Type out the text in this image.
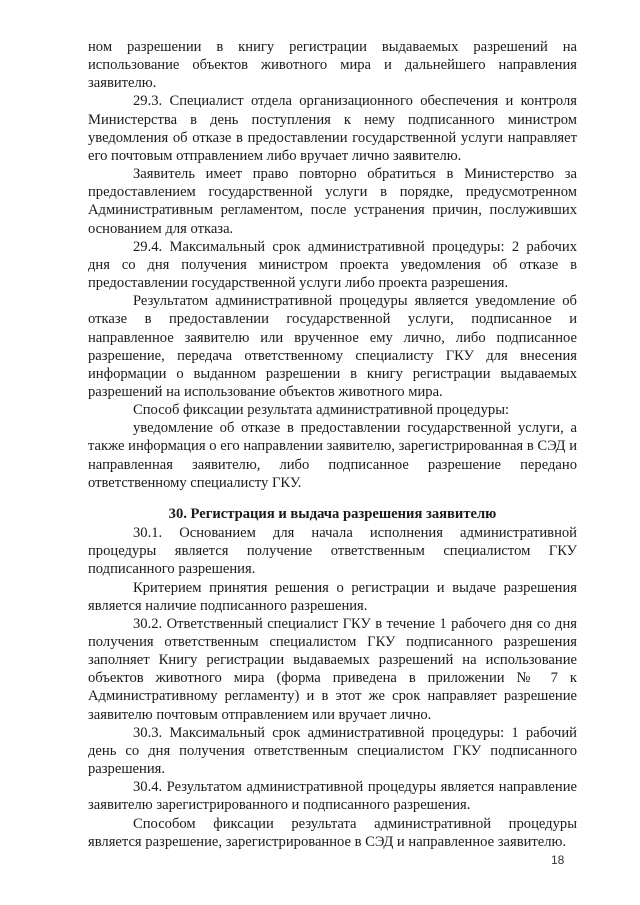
ном разрешении в книгу регистрации выдаваемых разрешений на использование объектов животного мира и дальнейшего направления заявителю.

29.3. Специалист отдела организационного обеспечения и контроля Министерства в день поступления к нему подписанного министром уведомления об отказе в предоставлении государственной услуги направляет его почтовым отправлением либо вручает лично заявителю.

Заявитель имеет право повторно обратиться в Министерство за предоставлением государственной услуги в порядке, предусмотренном Административным регламентом, после устранения причин, послуживших основанием для отказа.

29.4. Максимальный срок административной процедуры: 2 рабочих дня со дня получения министром проекта уведомления об отказе в предоставлении государственной услуги либо проекта разрешения.

Результатом административной процедуры является уведомление об отказе в предоставлении государственной услуги, подписанное и направленное заявителю или врученное ему лично, либо подписанное разрешение, передача ответственному специалисту ГКУ для внесения информации о выданном разрешении в книгу регистрации выдаваемых разрешений на использование объектов животного мира.

Способ фиксации результата административной процедуры:

уведомление об отказе в предоставлении государственной услуги, а также информация о его направлении заявителю, зарегистрированная в СЭД и направленная заявителю, либо подписанное разрешение передано ответственному специалисту ГКУ.

30. Регистрация и выдача разрешения заявителю

30.1. Основанием для начала исполнения административной процедуры является получение ответственным специалистом ГКУ подписанного разрешения.

Критерием принятия решения о регистрации и выдаче разрешения является наличие подписанного разрешения.

30.2. Ответственный специалист ГКУ в течение 1 рабочего дня со дня получения ответственным специалистом ГКУ подписанного разрешения заполняет Книгу регистрации выдаваемых разрешений на использование объектов животного мира (форма приведена в приложении № 7 к Административному регламенту) и в этот же срок направляет разрешение заявителю почтовым отправлением или вручает лично.

30.3. Максимальный срок административной процедуры: 1 рабочий день со дня получения ответственным специалистом ГКУ подписанного разрешения.

30.4. Результатом административной процедуры является направление заявителю зарегистрированного и подписанного разрешения.

Способом фиксации результата административной процедуры является разрешение, зарегистрированное в СЭД и направленное заявителю.

18
